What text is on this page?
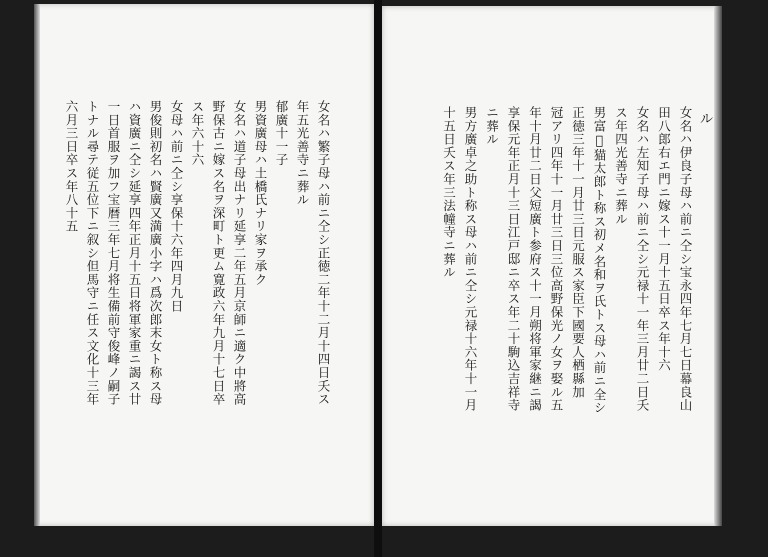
女名ハ繁子母ハ前ニ仝シ正徳二年十二月十四日夭ス
年五光善寺ニ葬ル
郁廣十一子
男資廣母ハ土橋氏ナリ家ヲ承ク
女名ハ道子母出ナリ延享二年五月京師ニ適ク中將高
野保古ニ嫁ス名ヲ深町ト更ム寛政六年九月十七日卒
ス年六十六
女母ハ前ニ仝シ享保十六年四月九日
男俊則初名ハ賢廣又満廣小字ハ爲次郎末女ト称ス母
ハ資廣ニ仝シ延享四年正月十五日将軍家重ニ謁ス廿
一日首服ヲ加フ宝暦三年七月将生備前守俊峰ノ嗣子
トナル尋テ従五位下ニ叙シ但馬守ニ任ス文化十三年
六月三日卒ス年八十五	ル
女名ハ伊良子母ハ前ニ仝シ宝永四年七月七日幕良山
田八郎右エ門ニ嫁ス十一月十五日卒ス年十六
女名ハ左知子母ハ前ニ仝シ元禄十一年三月廿二日夭
ス年四光善寺ニ葬ル
男富𫀆猫太郎ト称ス初メ名和ヲ氏トス母ハ前ニ全シ
正徳三年十一月廿三日元服ス家臣下國要人栖縣加
冠アリ四年十一月廿三日三位高野保光ノ女ヲ娶ル五
年十月廿二日父短廣ト参府ス十一月朔将軍家継ニ謁
享保元年正月十三日江戸邸ニ卒ス年二十駒込吉祥寺
ニ葬ル
男方廣卓之助ト称ス母ハ前ニ仝シ元禄十六年十一月
十五日夭ス年三法幢寺ニ葬ル
